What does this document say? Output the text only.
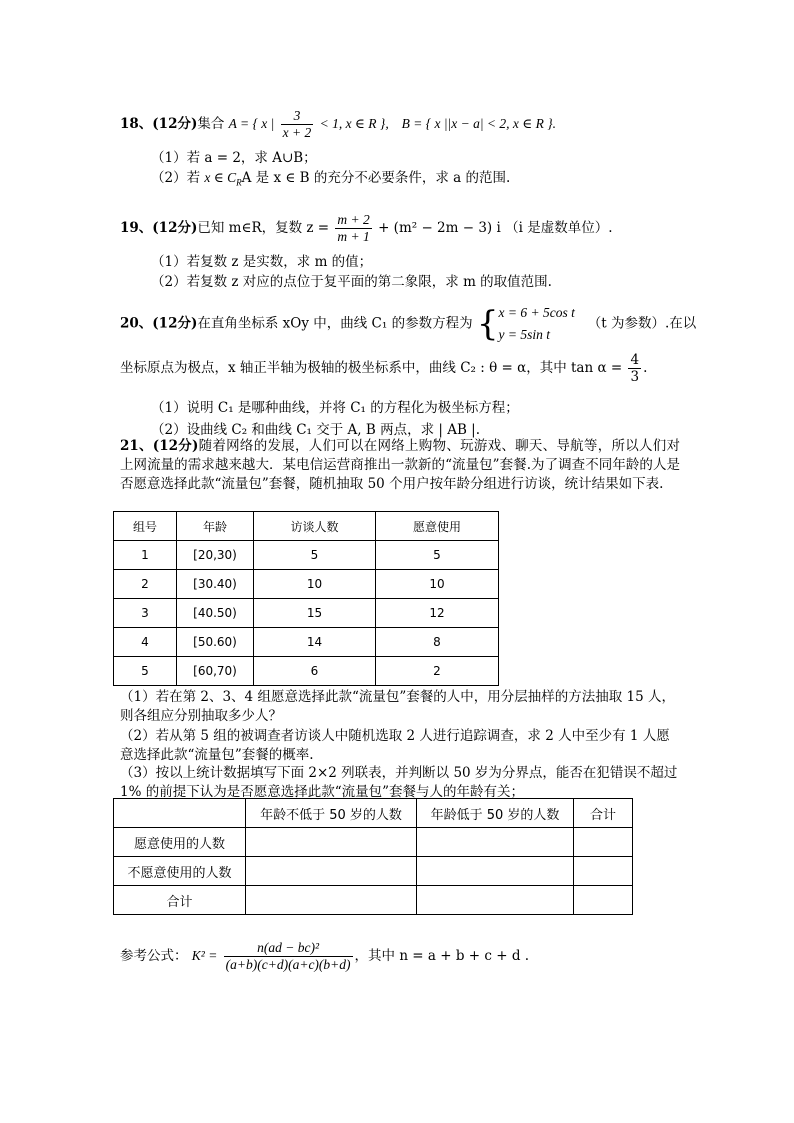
18、(12分)集合 A = { x | $\frac{3}{x + 2} < 1$, x ∈ R }, B = { x ||x − a| < 2, x ∈ R }.
（1）若 a = 2，求 A∪B；
（2）若 x ∈ $C_RA$ 是 x ∈ B 的充分不必要条件，求 a 的范围.
19、(12分)已知 m∈R，复数 $z = \frac{m + 2}{m + 1} + (m^2 - 2m - 3)$ i （i 是虚数单位）.
（1）若复数 z 是实数，求 m 的值；
（2）若复数 z 对应的点位于复平面的第二象限，求 m 的取值范围.
20、(12分)在直角坐标系 xOy 中，曲线 C₁ 的参数方程为 { x = 6 + 5cos t
y = 5sin t
（t 为参数）.在以
坐标原点为极点，x 轴正半轴为极轴的极坐标系中，曲线 C₂ : θ = α，其中 $\tan \alpha = \frac{4}{3}$ .
（1）说明 C₁ 是哪种曲线，并将 C₁ 的方程化为极坐标方程；
（2）设曲线 C₂ 和曲线 C₁ 交于 A, B 两点，求 | AB |.
21、(12分)随着网络的发展，人们可以在网络上购物、玩游戏、聊天、导航等，所以人们对上网流量的需求越来越大．某电信运营商推出一款新的“流量包”套餐.为了调查不同年龄的人是否愿意选择此款“流量包”套餐，随机抽取 50 个用户按年龄分组进行访谈，统计结果如下表.
组号	年龄	访谈人数	愿意使用
1	[20,30)	5	5
2	[30.40)	10	10
3	[40.50)	15	12
4	[50.60)	14	8
5	[60,70)	6	2
（1）若在第 2、3、4 组愿意选择此款“流量包”套餐的人中，用分层抽样的方法抽取 15 人，则各组应分别抽取多少人？
（2）若从第 5 组的被调查者访谈人中随机选取 2 人进行追踪调查，求 2 人中至少有 1 人愿意选择此款“流量包”套餐的概率.
（3）按以上统计数据填写下面 2×2 列联表，并判断以 50 岁为分界点，能否在犯错误不超过 1% 的前提下认为是否愿意选择此款“流量包”套餐与人的年龄有关；
	年龄不低于 50 岁的人数	年龄低于 50 岁的人数	合计
愿意使用的人数			
不愿意使用的人数			
合计			
参考公式： $K^2 = \frac{\text{n(ad − bc)²}}{(a+b)(c+d)(a+c)(b+d)}$ ，其中 n = a + b + c + d .
